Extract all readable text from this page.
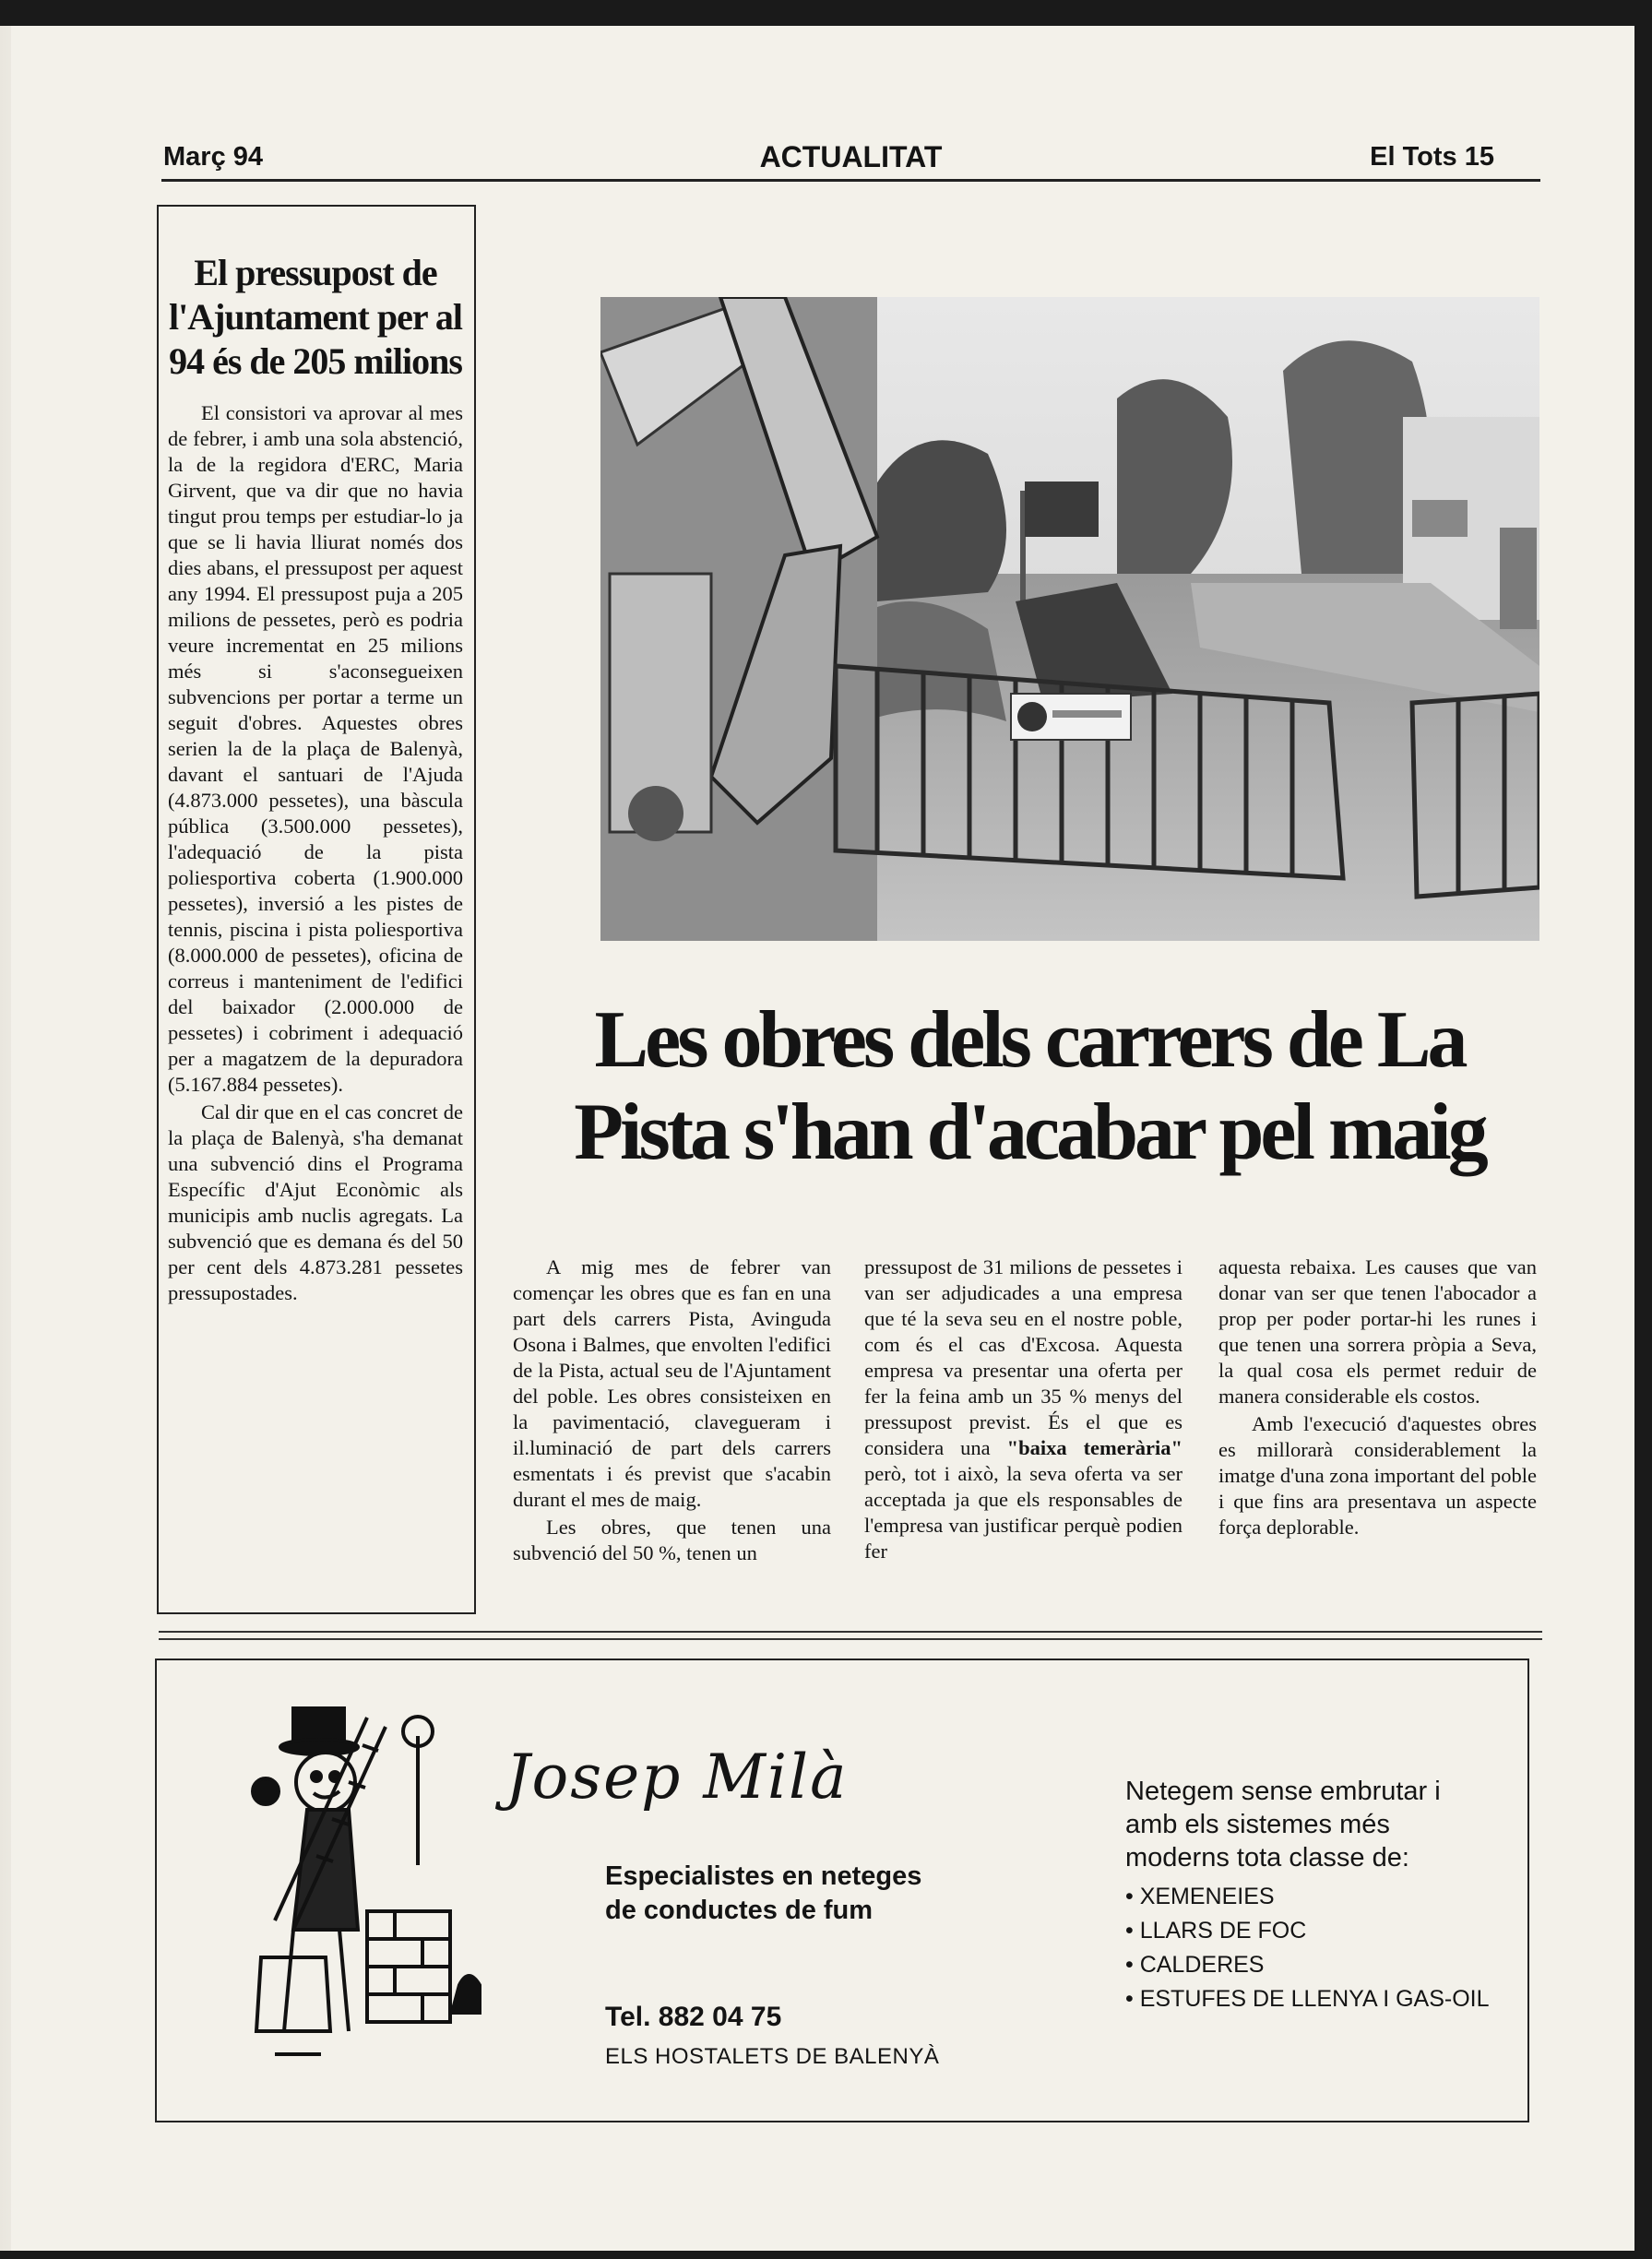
Març 94	ACTUALITAT	El Tots 15
El pressupost de l'Ajuntament per al 94 és de 205 milions

El consistori va aprovar al mes de febrer, i amb una sola abstenció, la de la regidora d'ERC, Maria Girvent, que va dir que no havia tingut prou temps per estudiar-lo ja que se li havia lliurat només dos dies abans, el pressupost per aquest any 1994. El pressupost puja a 205 milions de pessetes, però es podria veure incrementat en 25 milions més si s'aconsegueixen subvencions per portar a terme un seguit d'obres. Aquestes obres serien la de la plaça de Balenyà, davant el santuari de l'Ajuda (4.873.000 pessetes), una bàscula pública (3.500.000 pessetes), l'adequació de la pista poliesportiva coberta (1.900.000 pessetes), inversió a les pistes de tennis, piscina i pista poliesportiva (8.000.000 de pessetes), oficina de correus i manteniment de l'edifici del baixador (2.000.000 de pessetes) i cobriment i adequació per a magatzem de la depuradora (5.167.884 pessetes).

Cal dir que en el cas concret de la plaça de Balenyà, s'ha demanat una subvenció dins el Programa Específic d'Ajut Econòmic als municipis amb nuclis agregats. La subvenció que es demana és del 50 per cent dels 4.873.281 pessetes pressupostades.

Les obres dels carrers de La Pista s'han d'acabar pel maig

A mig mes de febrer van començar les obres que es fan en una part dels carrers Pista, Avinguda Osona i Balmes, que envolten l'edifici de la Pista, actual seu de l'Ajuntament del poble. Les obres consisteixen en la pavimentació, clavegueram i il.luminació de part dels carrers esmentats i és previst que s'acabin durant el mes de maig.

Les obres, que tenen una subvenció del 50 %, tenen un

pressupost de 31 milions de pessetes i van ser adjudicades a una empresa que té la seva seu en el nostre poble, com és el cas d'Excosa. Aquesta empresa va presentar una oferta per fer la feina amb un 35 % menys del pressupost previst. És el que es considera una "baixa temerària" però, tot i això, la seva oferta va ser acceptada ja que els responsables de l'empresa van justificar perquè podien fer

aquesta rebaixa. Les causes que van donar van ser que tenen l'abocador a prop per poder portar-hi les runes i que tenen una sorrera pròpia a Seva, la qual cosa els permet reduir de manera considerable els costos.

Amb l'execució d'aquestes obres es millorarà considerablement la imatge d'una zona important del poble i que fins ara presentava un aspecte força deplorable.

Josep Milà
Especialistes en neteges
de conductes de fum
Tel. 882 04 75
ELS HOSTALETS DE BALENYÀ
Netegem sense embrutar i amb els sistemes més moderns tota classe de:
• XEMENEIES
• LLARS DE FOC
• CALDERES
• ESTUFES DE LLENYA I GAS-OIL
